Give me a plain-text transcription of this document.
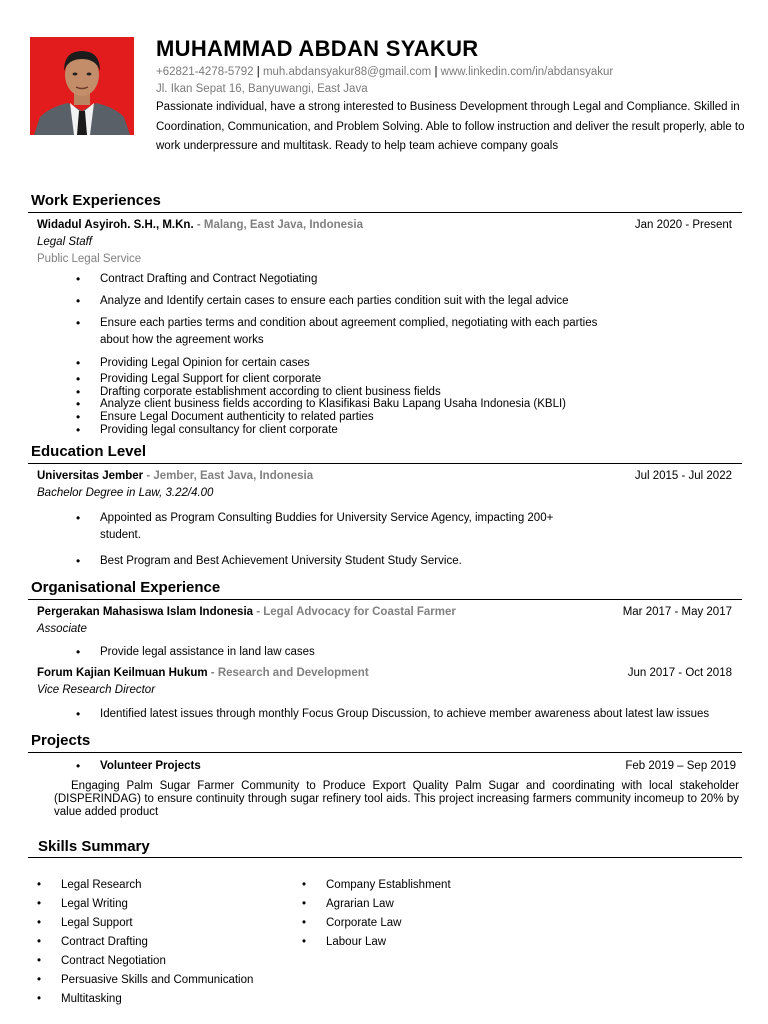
MUHAMMAD ABDAN SYAKUR
+62821-4278-5792 | muh.abdansyakur88@gmail.com | www.linkedin.com/in/abdansyakur
Jl. Ikan Sepat 16, Banyuwangi, East Java
Passionate individual, have a strong interested to Business Development through Legal and Compliance. Skilled in Coordination, Communication, and Problem Solving. Able to follow instruction and deliver the result properly, able to work underpressure and multitask. Ready to help team achieve company goals
Work Experiences
Widadul Asyiroh. S.H., M.Kn. - Malang, East Java, Indonesia	Jan 2020 - Present
Legal Staff
Public Legal Service
• Contract Drafting and Contract Negotiating
• Analyze and Identify certain cases to ensure each parties condition suit with the legal advice
• Ensure each parties terms and condition about agreement complied, negotiating with each parties about how the agreement works
• Providing Legal Opinion for certain cases
• Providing Legal Support for client corporate
• Drafting corporate establishment according to client business fields
• Analyze client business fields according to Klasifikasi Baku Lapang Usaha Indonesia (KBLI)
• Ensure Legal Document authenticity to related parties
• Providing legal consultancy for client corporate
Education Level
Universitas Jember - Jember, East Java, Indonesia	Jul 2015 - Jul 2022
Bachelor Degree in Law, 3.22/4.00
• Appointed as Program Consulting Buddies for University Service Agency, impacting 200+ student.
• Best Program and Best Achievement University Student Study Service.
Organisational Experience
Pergerakan Mahasiswa Islam Indonesia - Legal Advocacy for Coastal Farmer	Mar 2017 - May 2017
Associate
• Provide legal assistance in land law cases
Forum Kajian Keilmuan Hukum - Research and Development	Jun 2017 - Oct 2018
Vice Research Director
• Identified latest issues through monthly Focus Group Discussion, to achieve member awareness about latest law issues
Projects
• Volunteer Projects	Feb 2019 – Sep 2019
Engaging Palm Sugar Farmer Community to Produce Export Quality Palm Sugar and coordinating with local stakeholder (DISPERINDAG) to ensure continuity through sugar refinery tool aids. This project increasing farmers community incomeup to 20% by value added product
Skills Summary
• Legal Research
• Legal Writing
• Legal Support
• Contract Drafting
• Contract Negotiation
• Persuasive Skills and Communication
• Multitasking
• Company Establishment
• Agrarian Law
• Corporate Law
• Labour Law
